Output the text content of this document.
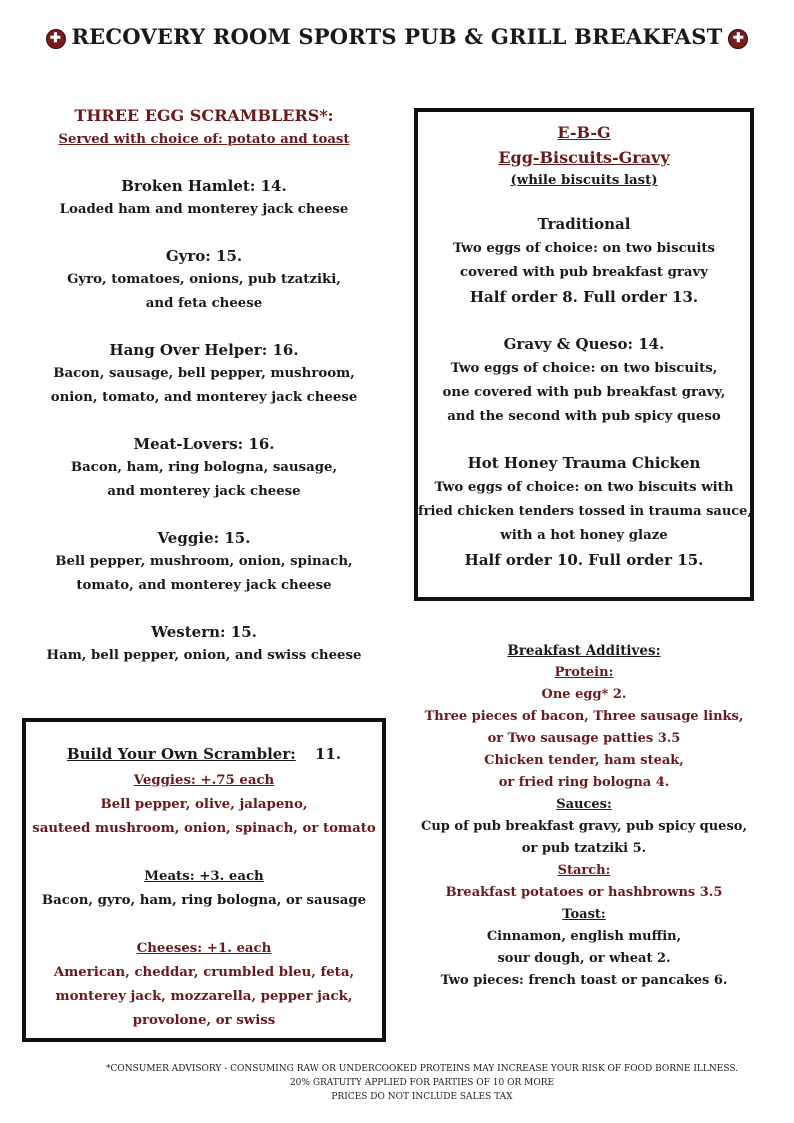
✚ RECOVERY ROOM SPORTS PUB & GRILL BREAKFAST ✚
THREE EGG SCRAMBLERS*:
Served with choice of: potato and toast
Broken Hamlet: 14.
Loaded ham and monterey jack cheese
Gyro: 15.
Gyro, tomatoes, onions, pub tzatziki,
and feta cheese
Hang Over Helper: 16.
Bacon, sausage, bell pepper, mushroom,
onion, tomato, and monterey jack cheese
Meat-Lovers: 16.
Bacon, ham, ring bologna, sausage,
and monterey jack cheese
Veggie: 15.
Bell pepper, mushroom, onion, spinach,
tomato, and monterey jack cheese
Western: 15.
Ham, bell pepper, onion, and swiss cheese
E-B-G
Egg-Biscuits-Gravy
(while biscuits last)
Traditional
Two eggs of choice: on two biscuits
covered with pub breakfast gravy
Half order 8. Full order 13.
Gravy & Queso: 14.
Two eggs of choice: on two biscuits,
one covered with pub breakfast gravy,
and the second with pub spicy queso
Hot Honey Trauma Chicken
Two eggs of choice: on two biscuits with
fried chicken tenders tossed in trauma sauce,
with a hot honey glaze
Half order 10. Full order 15.
Breakfast Additives:
Protein:
One egg* 2.
Three pieces of bacon, Three sausage links,
or Two sausage patties 3.5
Chicken tender, ham steak,
or fried ring bologna 4.
Sauces:
Cup of pub breakfast gravy, pub spicy queso,
or pub tzatziki 5.
Starch:
Breakfast potatoes or hashbrowns 3.5
Toast:
Cinnamon, english muffin,
sour dough, or wheat 2.
Two pieces: french toast or pancakes 6.
Build Your Own Scrambler: 11.
Veggies: +.75 each
Bell pepper, olive, jalapeno,
sauteed mushroom, onion, spinach, or tomato
Meats: +3. each
Bacon, gyro, ham, ring bologna, or sausage
Cheeses: +1. each
American, cheddar, crumbled bleu, feta,
monterey jack, mozzarella, pepper jack,
provolone, or swiss
*CONSUMER ADVISORY - CONSUMING RAW OR UNDERCOOKED PROTEINS MAY INCREASE YOUR RISK OF FOOD BORNE ILLNESS.
20% GRATUITY APPLIED FOR PARTIES OF 10 OR MORE
PRICES DO NOT INCLUDE SALES TAX
